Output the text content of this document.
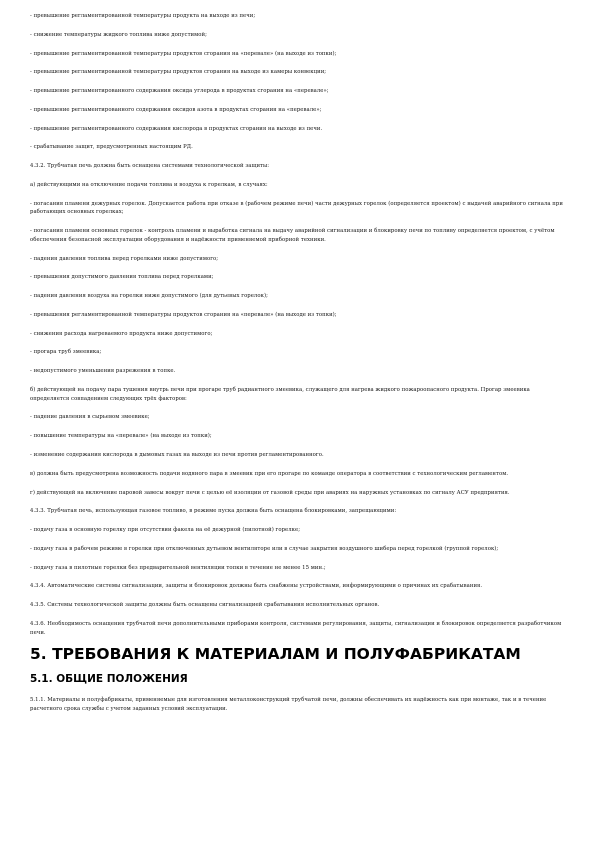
- превышение регламентированной температуры продукта на выходе из печи;

- снижение температуры жидкого топлива ниже допустимой;

- превышение регламентированной температуры продуктов сгорания на «перевале» (на выходе из топки);

- превышение регламентированной температуры продуктов сгорания на выходе из камеры конвекции;

- превышение регламентированного содержания оксида углерода в продуктах сгорания на «перевале»;

- превышение регламентированного содержания оксидов азота в продуктах сгорания на «перевале»;

- превышение регламентированного содержания кислорода в продуктах сгорания на выходе из печи.

- срабатывание защит, предусмотренных настоящим РД.

4.3.2. Трубчатая печь должна быть оснащена системами технологической защиты:

а) действующими на отключение подачи топлива и воздуха к горелкам, в случаях:

- погасания пламени дежурных горелок. Допускается работа при отказе в (рабочем режиме печи) части дежурных горелок (определяется проектом) с выдачей аварийного сигнала при работающих основных горелках;

- погасания пламени основных горелок - контроль пламени и выработка сигнала на выдачу аварийной сигнализации и блокировку печи по топливу определяется проектом, с учётом обеспечения безопасной эксплуатации оборудования и надёжности применяемой приборной техники.

- падения давления топлива перед горелками ниже допустимого;

- превышения допустимого давления топлива перед горелками;

- падения давления воздуха на горелки ниже допустимого (для дутьевых горелок);

- превышения регламентированной температуры продуктов сгорания на «перевале» (на выходе из топки);

- снижения расхода нагреваемого продукта ниже допустимого;

- прогара труб змеевика;

- недопустимого уменьшения разрежения в топке.

б) действующей на подачу пара тушения внутрь печи при прогаре труб радиантного змеевика, служащего для нагрева жидкого пожароопасного продукта. Прогар змеевика определяется совпадением следующих трёх факторов:

- падение давления в сырьевом змеевике;

- повышение температуры на «перевале» (на выходе из топки);

- изменение содержания кислорода в дымовых газах на выходе из печи против регламентированного.

в) должна быть предусмотрена возможность подачи водяного пара в змеевик при его прогаре по команде оператора в соответствии с технологическим регламентом.

г) действующей на включение паровой завесы вокруг печи с целью её изоляции от газовой среды при авариях на наружных установках по сигналу АСУ предприятия.

4.3.3. Трубчатая печь, использующая газовое топливо, в режиме пуска должна быть оснащена блокировками, запрещающими:

- подачу газа в основную горелку при отсутствии факела на её дежурной (пилотной) горелке;

- подачу газа в рабочем режиме в горелки при отключенных дутьевом вентиляторе или в случае закрытия воздушного шибера перед горелкой (группой горелок);

- подачу газа в пилотные горелки без предварительной вентиляции топки в течение не менее 15 мин.;

4.3.4. Автоматические системы сигнализации, защиты и блокировок должны быть снабжены устройствами, информирующими о причинах их срабатывания.

4.3.5. Системы технологической защиты должны быть оснащены сигнализацией срабатывания исполнительных органов.

4.3.6. Необходимость оснащения трубчатой печи дополнительными приборами контроля, системами регулирования, защиты, сигнализации и блокировок определяется разработчиком печи.

5. ТРЕБОВАНИЯ К МАТЕРИАЛАМ И ПОЛУФАБРИКАТАМ
5.1. ОБЩИЕ ПОЛОЖЕНИЯ

5.1.1. Материалы и полуфабрикаты, применяемые для изготовления металлоконструкций трубчатой печи, должны обеспечивать их надёжность как при монтаже, так и в течение расчетного срока службы с учетом заданных условий эксплуатации.
